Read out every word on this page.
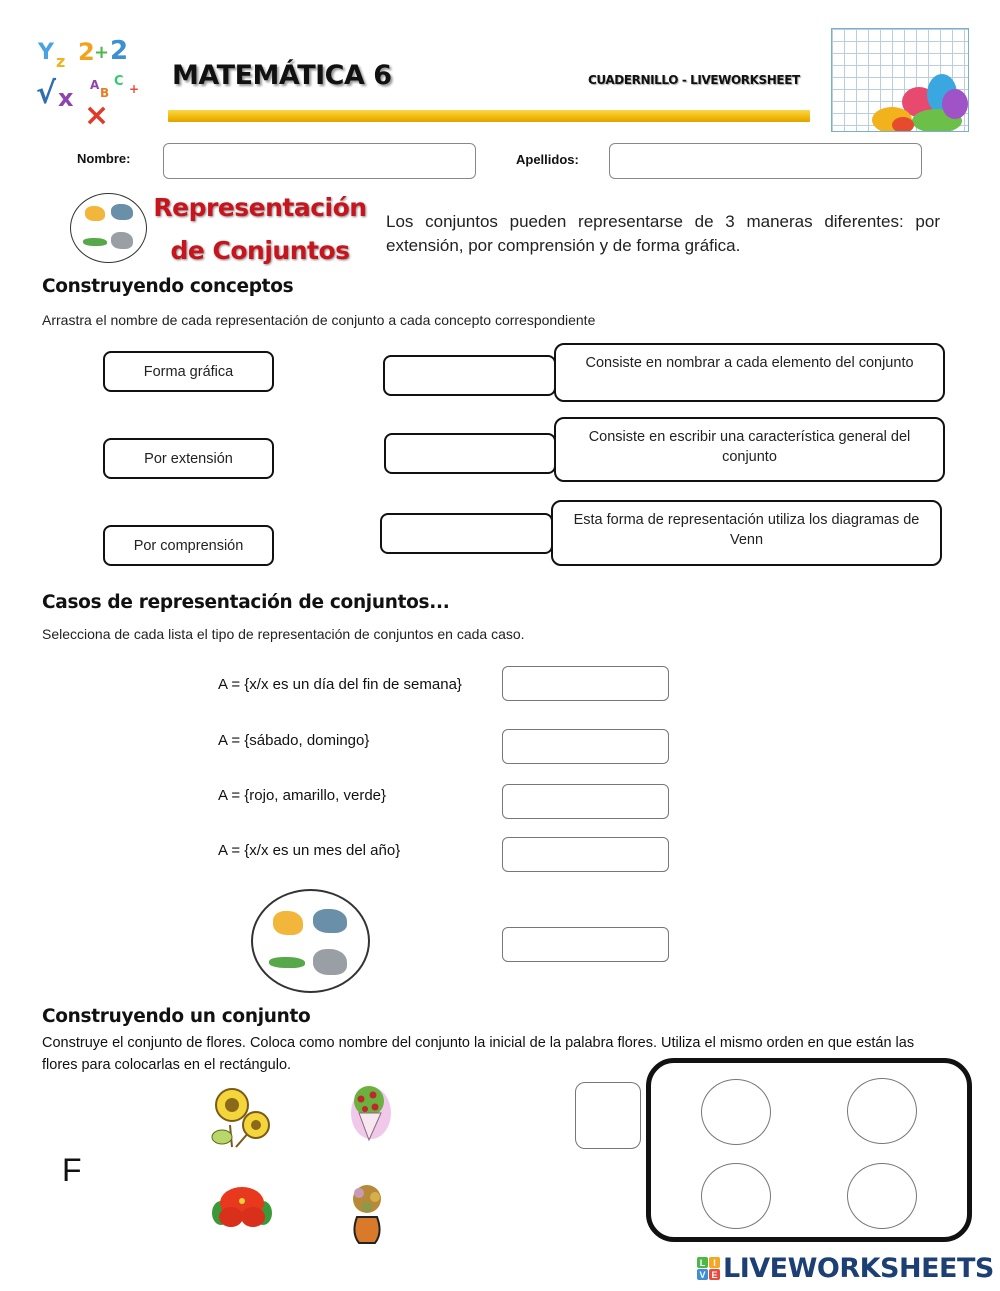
Y z 2 + 2
√ x A
B
C +
×
MATEMÁTICA 6	CUADERNILLO - LIVEWORKSHEET
Nombre:	Apellidos:
Representación
de Conjuntos
Los conjuntos pueden representarse de 3 maneras diferentes: por extensión, por comprensión y de forma gráfica.
Construyendo conceptos
Arrastra el nombre de cada representación de conjunto a cada concepto correspondiente
Forma gráfica
Por extensión
Por comprensión
Consiste en nombrar a cada elemento del conjunto
Consiste en escribir una característica general del conjunto
Esta forma de representación utiliza los diagramas de Venn
Casos de representación de conjuntos...
Selecciona de cada lista el tipo de representación de conjuntos en cada caso.
A = {x/x es un día del fin de semana}
A = {sábado, domingo}
A = {rojo, amarillo, verde}
A = {x/x es un mes del año}
Construyendo un conjunto
Construye el conjunto de flores. Coloca como nombre del conjunto la inicial de la palabra flores. Utiliza el mismo orden en que están las flores para colocarlas en el rectángulo.
F
L I
V E LIVEWORKSHEETS
